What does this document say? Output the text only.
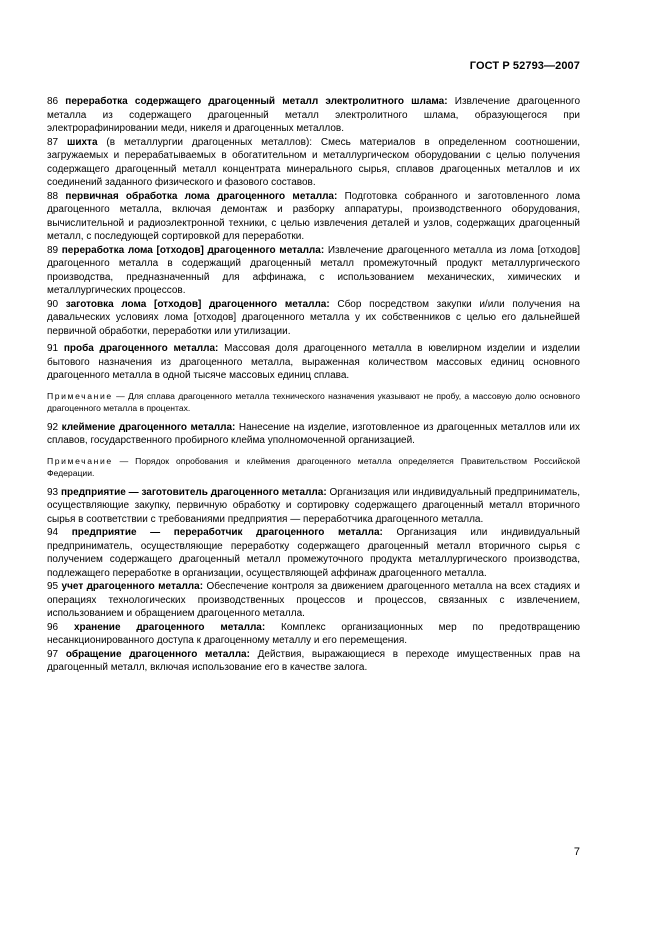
ГОСТ Р 52793—2007

86 переработка содержащего драгоценный металл электролитного шлама: Извлечение драгоценного металла из содержащего драгоценный металл электролитного шлама, образующегося при электрорафинировании меди, никеля и драгоценных металлов.

87 шихта (в металлургии драгоценных металлов): Смесь материалов в определенном соотношении, загружаемых и перерабатываемых в обогатительном и металлургическом оборудовании с целью получения содержащего драгоценный металл концентрата минерального сырья, сплавов драгоценных металлов и их соединений заданного физического и фазового составов.

88 первичная обработка лома драгоценного металла: Подготовка собранного и заготовленного лома драгоценного металла, включая демонтаж и разборку аппаратуры, производственного оборудования, вычислительной и радиоэлектронной техники, с целью извлечения деталей и узлов, содержащих драгоценный металл, с последующей сортировкой для переработки.

89 переработка лома [отходов] драгоценного металла: Извлечение драгоценного металла из лома [отходов] драгоценного металла в содержащий драгоценный металл промежуточный продукт металлургического производства, предназначенный для аффинажа, с использованием механических, химических и металлургических процессов.

90 заготовка лома [отходов] драгоценного металла: Сбор посредством закупки и/или получения на давальческих условиях лома [отходов] драгоценного металла у их собственников с целью его дальнейшей первичной обработки, переработки или утилизации.

91 проба драгоценного металла: Массовая доля драгоценного металла в ювелирном изделии и изделии бытового назначения из драгоценного металла, выраженная количеством массовых единиц основного драгоценного металла в одной тысяче массовых единиц сплава.

Примечание — Для сплава драгоценного металла технического назначения указывают не пробу, а массовую долю основного драгоценного металла в процентах.

92 клеймение драгоценного металла: Нанесение на изделие, изготовленное из драгоценных металлов или их сплавов, государственного пробирного клейма уполномоченной организацией.

Примечание — Порядок опробования и клеймения драгоценного металла определяется Правительством Российской Федерации.

93 предприятие — заготовитель драгоценного металла: Организация или индивидуальный предприниматель, осуществляющие закупку, первичную обработку и сортировку содержащего драгоценный металл вторичного сырья в соответствии с требованиями предприятия — переработчика драгоценного металла.

94 предприятие — переработчик драгоценного металла: Организация или индивидуальный предприниматель, осуществляющие переработку содержащего драгоценный металл вторичного сырья с получением содержащего драгоценный металл промежуточного продукта металлургического производства, подлежащего переработке в организации, осуществляющей аффинаж драгоценного металла.

95 учет драгоценного металла: Обеспечение контроля за движением драгоценного металла на всех стадиях и операциях технологических производственных процессов и процессов, связанных с извлечением, использованием и обращением драгоценного металла.

96 хранение драгоценного металла: Комплекс организационных мер по предотвращению несанкционированного доступа к драгоценному металлу и его перемещения.

97 обращение драгоценного металла: Действия, выражающиеся в переходе имущественных прав на драгоценный металл, включая использование его в качестве залога.

7
